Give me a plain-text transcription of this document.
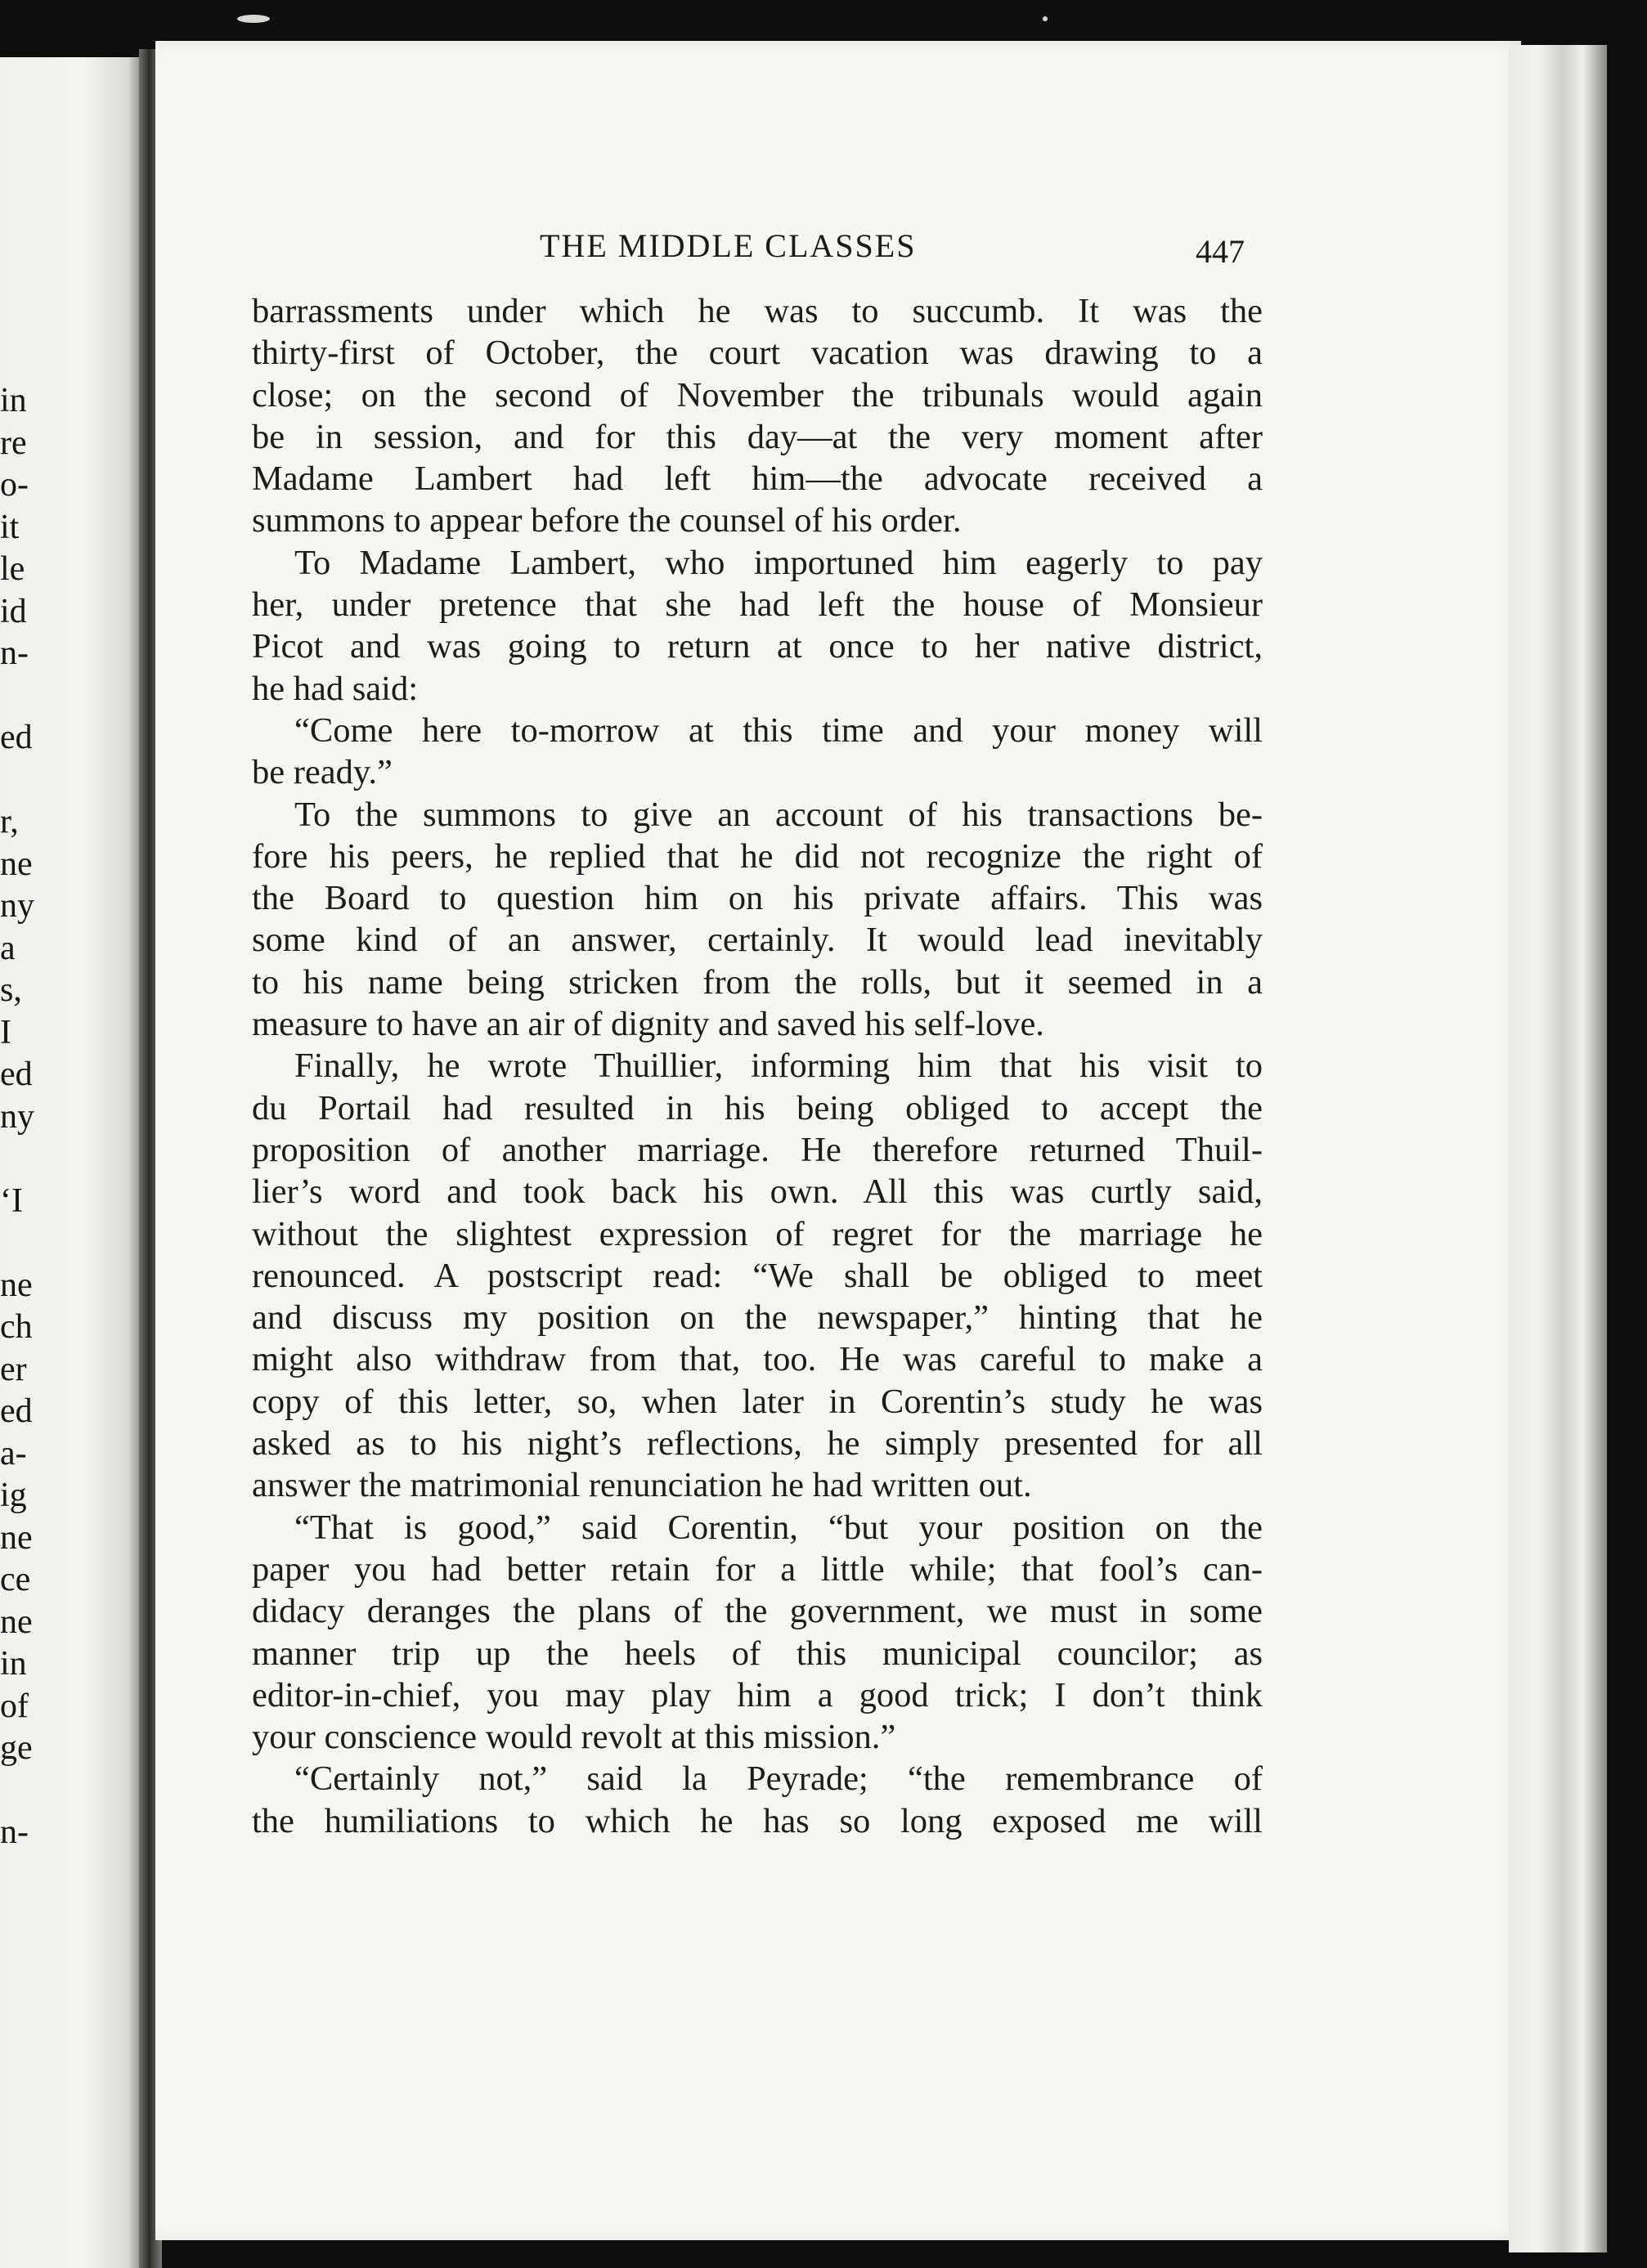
in
re
o-
it
le
id
n-
ed
r,
ne
ny
a
s,
I
ed
ny
‘I
ne
ch
er
ed
a-
ig
ne
ce
ne
in
of
ge
n-
THE MIDDLE CLASSES	447
barrassments under which he was to succumb. It was the
thirty-first of October, the court vacation was drawing to a
close; on the second of November the tribunals would again
be in session, and for this day—at the very moment after
Madame Lambert had left him—the advocate received a
summons to appear before the counsel of his order.
To Madame Lambert, who importuned him eagerly to pay
her, under pretence that she had left the house of Monsieur
Picot and was going to return at once to her native district,
he had said:
“Come here to-morrow at this time and your money will
be ready.”
To the summons to give an account of his transactions be-
fore his peers, he replied that he did not recognize the right of
the Board to question him on his private affairs. This was
some kind of an answer, certainly. It would lead inevitably
to his name being stricken from the rolls, but it seemed in a
measure to have an air of dignity and saved his self-love.
Finally, he wrote Thuillier, informing him that his visit to
du Portail had resulted in his being obliged to accept the
proposition of another marriage. He therefore returned Thuil-
lier’s word and took back his own. All this was curtly said,
without the slightest expression of regret for the marriage he
renounced. A postscript read: “We shall be obliged to meet
and discuss my position on the newspaper,” hinting that he
might also withdraw from that, too. He was careful to make a
copy of this letter, so, when later in Corentin’s study he was
asked as to his night’s reflections, he simply presented for all
answer the matrimonial renunciation he had written out.
“That is good,” said Corentin, “but your position on the
paper you had better retain for a little while; that fool’s can-
didacy deranges the plans of the government, we must in some
manner trip up the heels of this municipal councilor; as
editor-in-chief, you may play him a good trick; I don’t think
your conscience would revolt at this mission.”
“Certainly not,” said la Peyrade; “the remembrance of
the humiliations to which he has so long exposed me will
